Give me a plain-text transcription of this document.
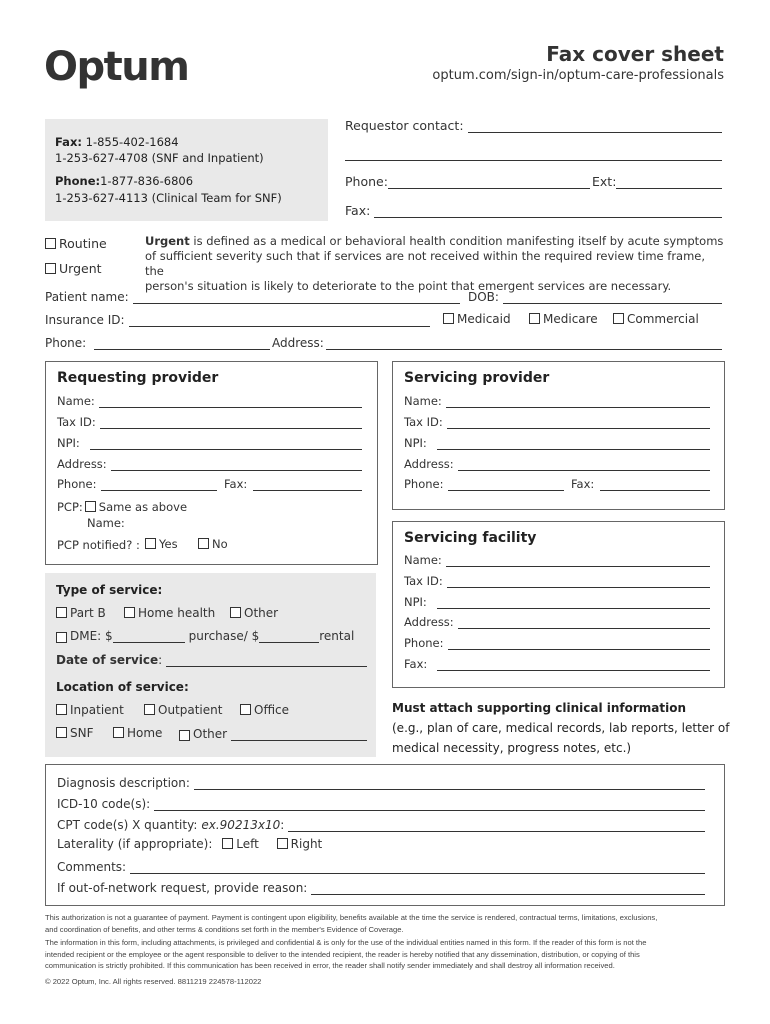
Optum	Fax cover sheet
optum.com/sign-in/optum-care-professionals
Fax: 1-855-402-1684
1-253-627-4708 (SNF and Inpatient)
Phone:1-877-836-6806
1-253-627-4113 (Clinical Team for SNF)
Requestor contact:
Phone:	Ext:
Fax:
Routine
Urgent
Urgent is defined as a medical or behavioral health condition manifesting itself by acute symptoms
of sufficient severity such that if services are not received within the required review time frame, the
person's situation is likely to deteriorate to the point that emergent services are necessary.
Patient name:	DOB:
Insurance ID:	Medicaid	Medicare	Commercial
Phone:	Address:
Requesting provider
Name:
Tax ID:
NPI:
Address:
Phone:	Fax:
PCP: Same as above
Name:
PCP notified? :	Yes	No
Servicing provider
Name:
Tax ID:
NPI:
Address:
Phone:	Fax:
Servicing facility
Name:
Tax ID:
NPI:
Address:
Phone:
Fax:
Type of service:
Part B	Home health	Other
DME: $	purchase/ $	rental
Date of service :
Location of service:
Inpatient	Outpatient	Office
SNF	Home	Other
Must attach supporting clinical information
(e.g., plan of care, medical records, lab reports, letter of
medical necessity, progress notes, etc.)
Diagnosis description:
ICD-10 code(s):
CPT code(s) X quantity: ex.90213x10 :
Laterality (if appropriate): Left	Right
Comments:
If out-of-network request, provide reason:
This authorization is not a guarantee of payment. Payment is contingent upon eligibility, benefits available at the time the service is rendered, contractual terms, limitations, exclusions,
and coordination of benefits, and other terms & conditions set forth in the member's Evidence of Coverage.
The information in this form, including attachments, is privileged and confidential & is only for the use of the individual entities named in this form. If the reader of this form is not the
intended recipient or the employee or the agent responsible to deliver to the intended recipient, the reader is hereby notified that any dissemination, distribution, or copying of this
communication is strictly prohibited. If this communication has been received in error, the reader shall notify sender immediately and shall destroy all information received.
© 2022 Optum, Inc. All rights reserved. 8811219 224578-112022
